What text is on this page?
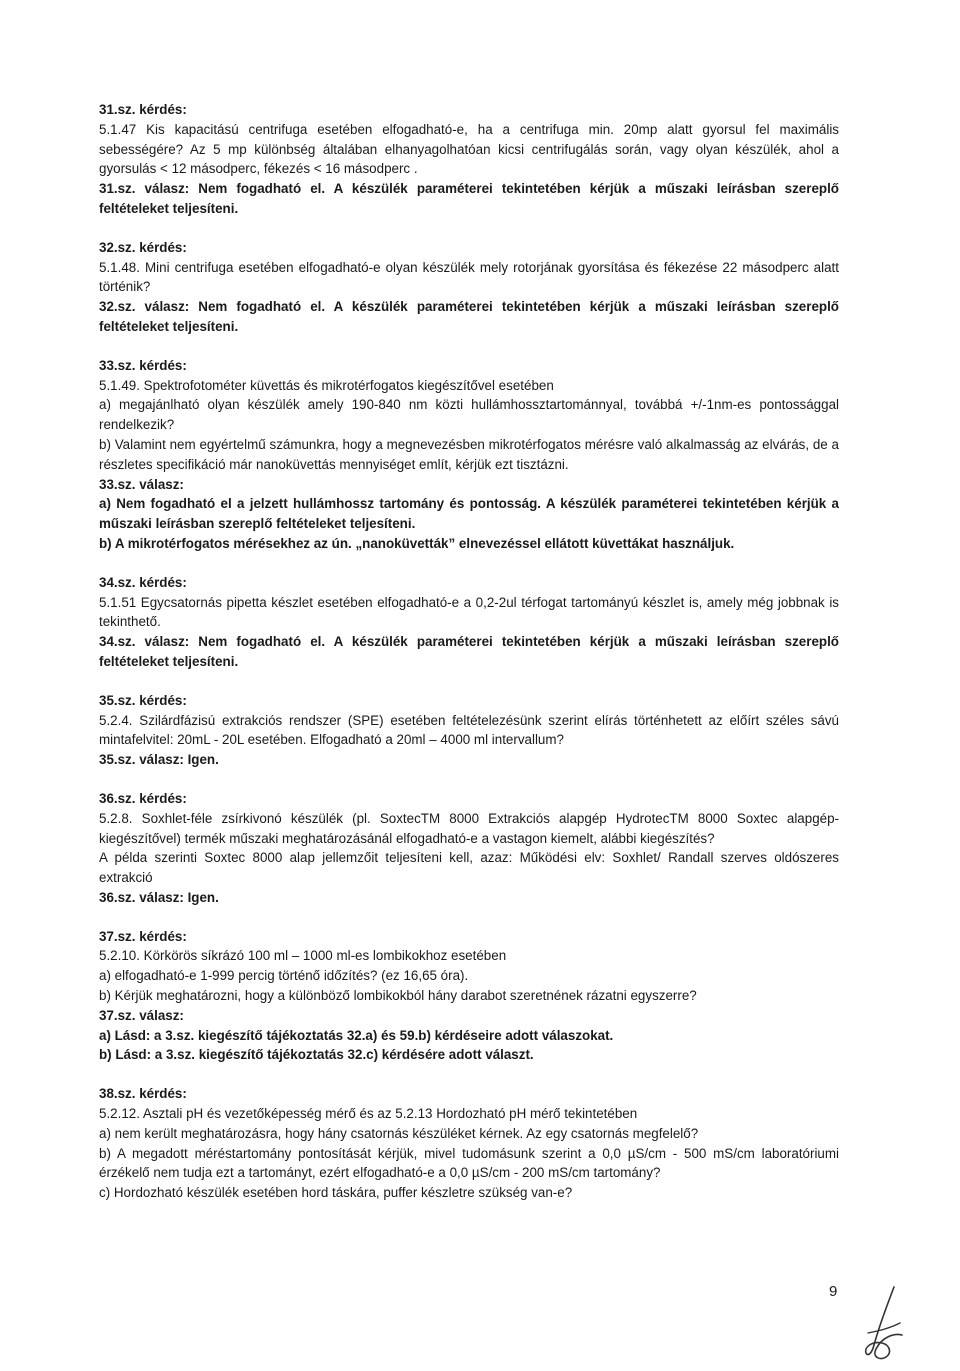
31.sz. kérdés:
5.1.47 Kis kapacitású centrifuga esetében elfogadható-e, ha a centrifuga min. 20mp alatt gyorsul fel maximális sebességére? Az 5 mp különbség általában elhanyagolhatóan kicsi centrifugálás során, vagy olyan készülék, ahol a gyorsulás < 12 másodperc, fékezés < 16 másodperc .
31.sz. válasz: Nem fogadható el. A készülék paraméterei tekintetében kérjük a műszaki leírásban szereplő feltételeket teljesíteni.
32.sz. kérdés:
5.1.48. Mini centrifuga esetében elfogadható-e olyan készülék mely rotorjának gyorsítása és fékezése 22 másodperc alatt történik?
32.sz. válasz: Nem fogadható el. A készülék paraméterei tekintetében kérjük a műszaki leírásban szereplő feltételeket teljesíteni.
33.sz. kérdés:
5.1.49. Spektrofotométer küvettás és mikrotérfogatos kiegészítővel esetében
a) megajánlható olyan készülék amely 190-840 nm közti hullámhossztartománnyal, továbbá +/-1nm-es pontossággal rendelkezik?
b) Valamint nem egyértelmű számunkra, hogy a megnevezésben mikrotérfogatos mérésre való alkalmasság az elvárás, de a részletes specifikáció már nanoküvettás mennyiséget említ, kérjük ezt tisztázni.
33.sz. válasz:
a) Nem fogadható el a jelzett hullámhossz tartomány és pontosság. A készülék paraméterei tekintetében kérjük a műszaki leírásban szereplő feltételeket teljesíteni.
b) A mikrotérfogatos mérésekhez az ún. „nanoküvetták” elnevezéssel ellátott küvettákat használjuk.
34.sz. kérdés:
5.1.51 Egycsatornás pipetta készlet esetében elfogadható-e a 0,2-2ul térfogat tartományú készlet is, amely még jobbnak is tekinthető.
34.sz. válasz: Nem fogadható el. A készülék paraméterei tekintetében kérjük a műszaki leírásban szereplő feltételeket teljesíteni.
35.sz. kérdés:
5.2.4. Szilárdfázisú extrakciós rendszer (SPE) esetében feltételezésünk szerint elírás történhetett az előírt széles sávú mintafelvitel: 20mL - 20L esetében. Elfogadható a 20ml – 4000 ml intervallum?
35.sz. válasz: Igen.
36.sz. kérdés:
5.2.8. Soxhlet-féle zsírkivonó készülék (pl. SoxtecTM 8000 Extrakciós alapgép HydrotecTM 8000 Soxtec alapgép-kiegészítővel) termék műszaki meghatározásánál elfogadható-e a vastagon kiemelt, alábbi kiegészítés?
A példa szerinti Soxtec 8000 alap jellemzőit teljesíteni kell, azaz: Működési elv: Soxhlet/ Randall szerves oldószeres extrakció
36.sz. válasz: Igen.
37.sz. kérdés:
5.2.10. Körkörös síkrázó 100 ml – 1000 ml-es lombikokhoz esetében
a) elfogadható-e 1-999 percig történő időzítés? (ez 16,65 óra).
b) Kérjük meghatározni, hogy a különböző lombikokból hány darabot szeretnének rázatni egyszerre?
37.sz. válasz:
a) Lásd: a 3.sz. kiegészítő tájékoztatás 32.a) és 59.b) kérdéseire adott válaszokat.
b) Lásd: a 3.sz. kiegészítő tájékoztatás 32.c) kérdésére adott választ.
38.sz. kérdés:
5.2.12. Asztali pH és vezetőképesség mérő és az 5.2.13 Hordozható pH mérő tekintetében
a) nem került meghatározásra, hogy hány csatornás készüléket kérnek. Az egy csatornás megfelelő?
b) A megadott méréstartomány pontosítását kérjük, mivel tudomásunk szerint a 0,0 µS/cm - 500 mS/cm laboratóriumi érzékelő nem tudja ezt a tartományt, ezért elfogadható-e a 0,0 µS/cm - 200 mS/cm tartomány?
c) Hordozható készülék esetében hord táskára, puffer készletre szükség van-e?
9
